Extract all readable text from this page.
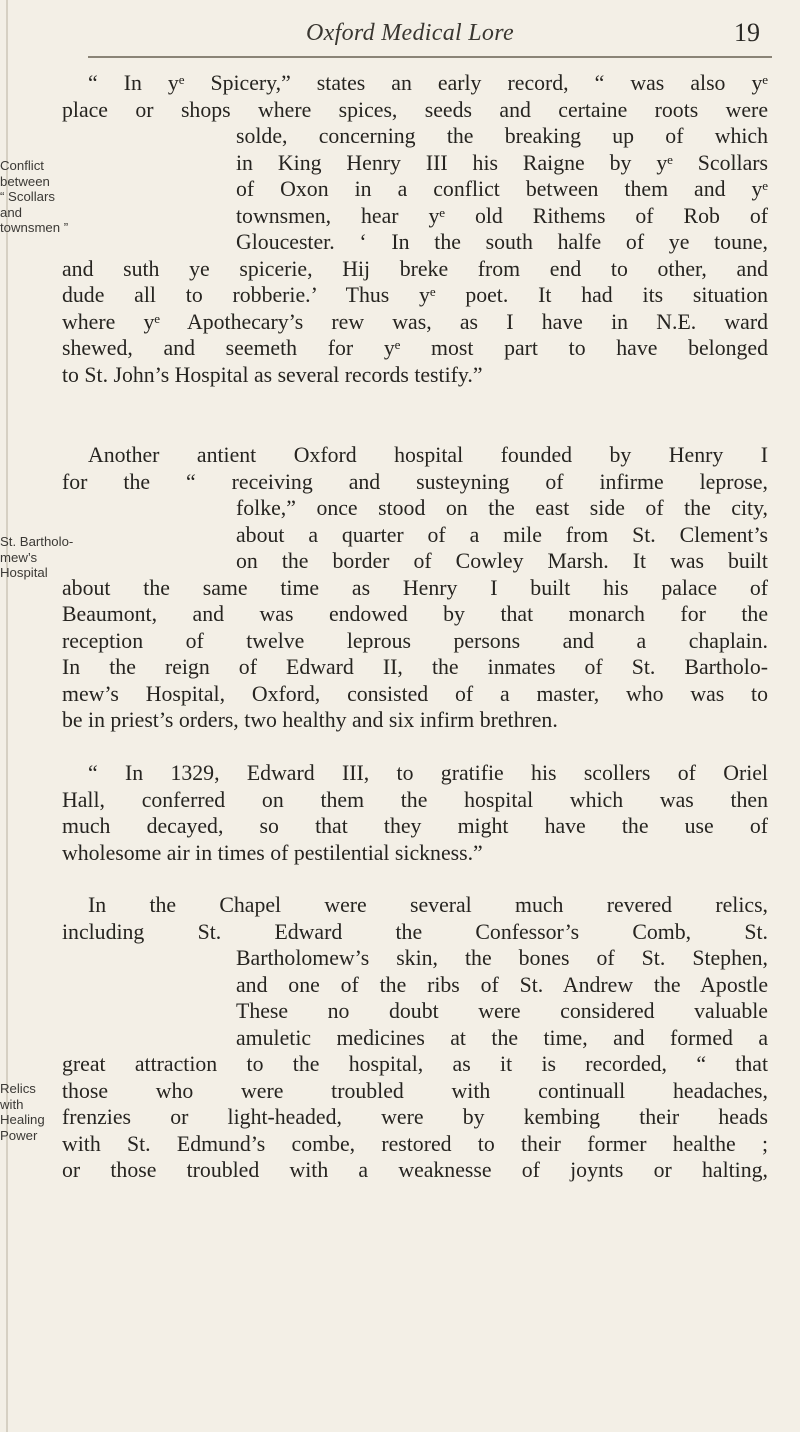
Oxford Medical Lore	19
Conflict
between
“ Scollars
and
townsmen ”
St. Bartholo-
mew’s
Hospital
Relics
with
Healing
Power
“ In yᵉ Spicery,” states an early record, “ was also yᵉ
place or shops where spices, seeds and certaine roots were
solde, concerning the breaking up of which
in King Henry III his Raigne by yᵉ Scollars
of Oxon in a conflict between them and yᵉ
townsmen, hear yᵉ old Rithems of Rob of
Gloucester. ‘ In the south halfe of ye toune,
and suth ye spicerie, Hij breke from end to other, and
dude all to robberie.’ Thus yᵉ poet. It had its situation
where yᵉ Apothecary’s rew was, as I have in N.E. ward
shewed, and seemeth for yᵉ most part to have belonged
to St. John’s Hospital as several records testify.”
Another antient Oxford hospital founded by Henry I
for the “ receiving and susteyning of infirme leprose,
folke,” once stood on the east side of the city,
about a quarter of a mile from St. Clement’s
on the border of Cowley Marsh. It was built
about the same time as Henry I built his palace of
Beaumont, and was endowed by that monarch for the
reception of twelve leprous persons and a chaplain.
In the reign of Edward II, the inmates of St. Bartholo-
mew’s Hospital, Oxford, consisted of a master, who was to
be in priest’s orders, two healthy and six infirm brethren.
“ In 1329, Edward III, to gratifie his scollers of Oriel
Hall, conferred on them the hospital which was then
much decayed, so that they might have the use of
wholesome air in times of pestilential sickness.”
In the Chapel were several much revered relics,
including St. Edward the Confessor’s Comb, St.
Bartholomew’s skin, the bones of St. Stephen,
and one of the ribs of St. Andrew the Apostle
These no doubt were considered valuable
amuletic medicines at the time, and formed a
great attraction to the hospital, as it is recorded, “ that
those who were troubled with continuall headaches,
frenzies or light-headed, were by kembing their heads
with St. Edmund’s combe, restored to their former healthe ;
or those troubled with a weaknesse of joynts or halting,
